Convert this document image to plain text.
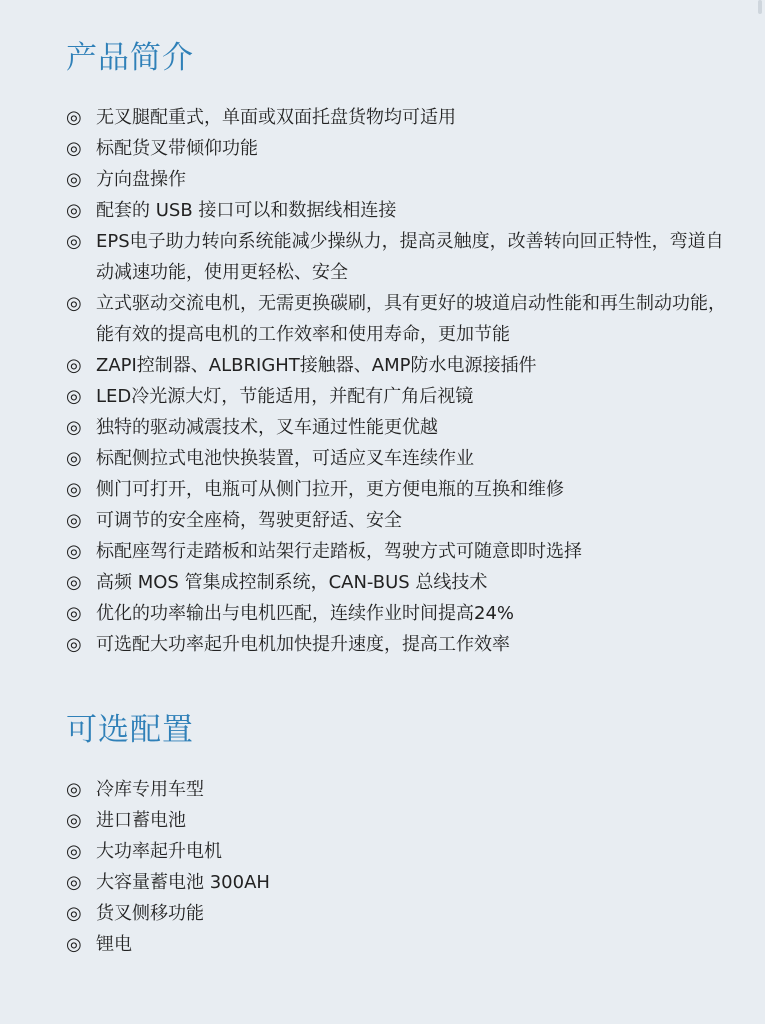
产品简介
◎ 无叉腿配重式，单面或双面托盘货物均可适用
◎ 标配货叉带倾仰功能
◎ 方向盘操作
◎ 配套的 USB 接口可以和数据线相连接
◎ EPS电子助力转向系统能减少操纵力，提高灵触度，改善转向回正特性，弯道自动减速功能，使用更轻松、安全
◎ 立式驱动交流电机，无需更换碳刷，具有更好的坡道启动性能和再生制动功能，能有效的提高电机的工作效率和使用寿命，更加节能
◎ ZAPI控制器、ALBRIGHT接触器、AMP防水电源接插件
◎ LED冷光源大灯，节能适用，并配有广角后视镜
◎ 独特的驱动减震技术，叉车通过性能更优越
◎ 标配侧拉式电池快换装置，可适应叉车连续作业
◎ 侧门可打开，电瓶可从侧门拉开，更方便电瓶的互换和维修
◎ 可调节的安全座椅，驾驶更舒适、安全
◎ 标配座驾行走踏板和站架行走踏板，驾驶方式可随意即时选择
◎ 高频 MOS 管集成控制系统，CAN-BUS 总线技术
◎ 优化的功率输出与电机匹配，连续作业时间提高24%
◎ 可选配大功率起升电机加快提升速度，提高工作效率
可选配置
◎ 冷库专用车型
◎ 进口蓄电池
◎ 大功率起升电机
◎ 大容量蓄电池 300AH
◎ 货叉侧移功能
◎ 锂电
